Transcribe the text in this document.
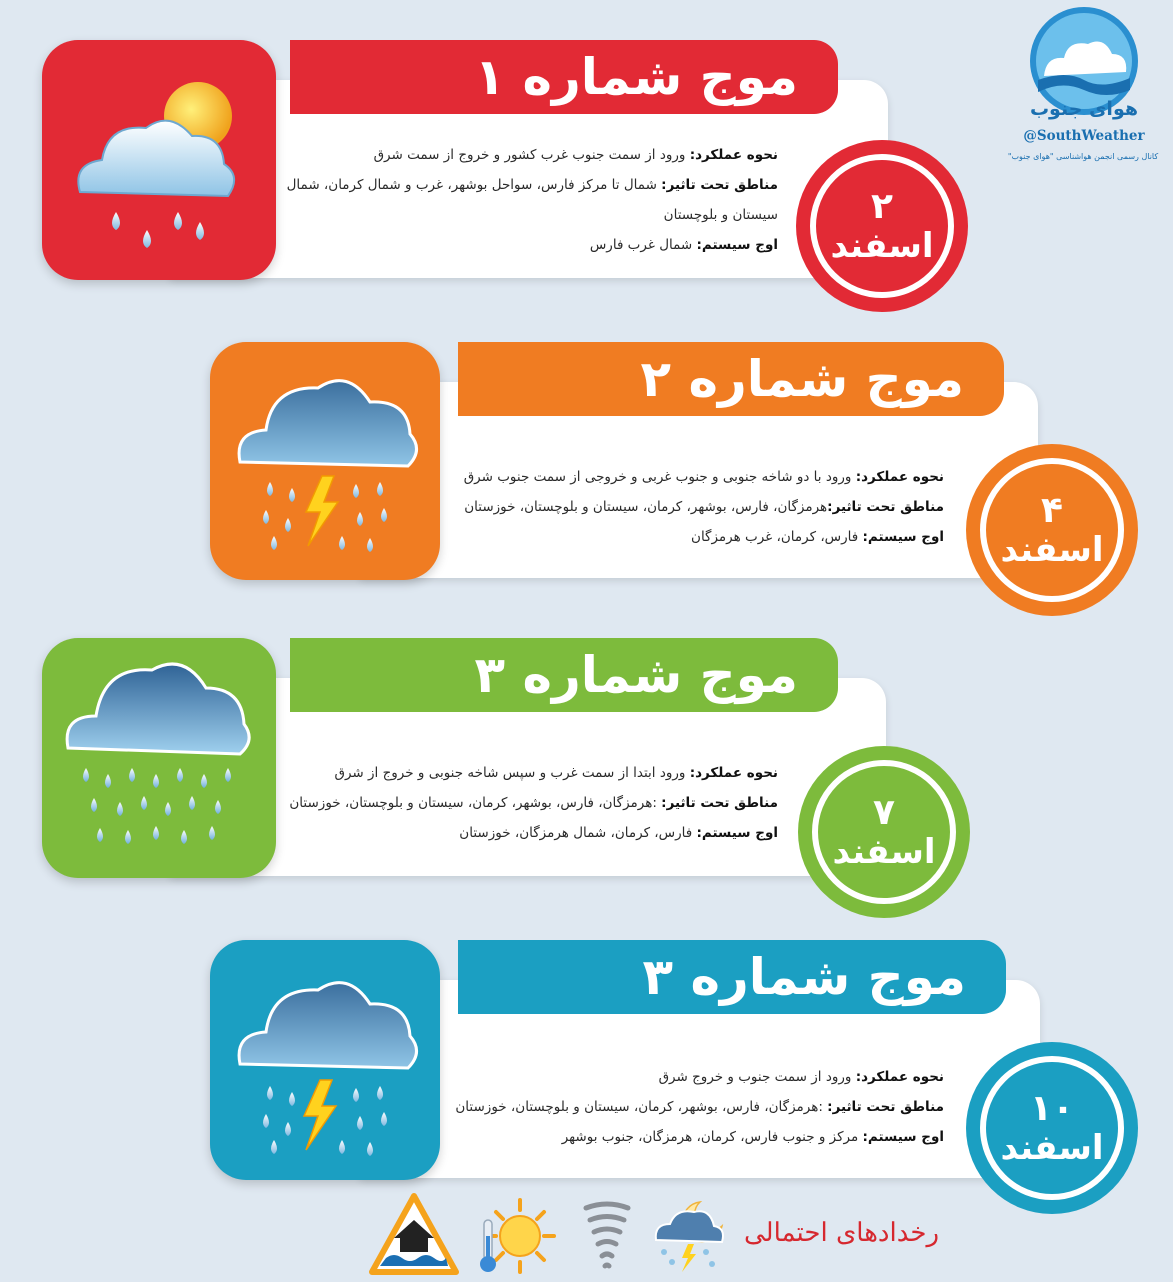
هوای جنوب
@SouthWeather
کانال رسمی انجمن هواشناسی "هوای جنوب"
موج شماره ۱
نحوه عملکرد: ورود از سمت جنوب غرب کشور و خروج از سمت شرق
مناطق تحت تاثیر: شمال تا مرکز فارس، سواحل بوشهر، غرب و شمال کرمان، شمال
سیستان و بلوچستان
اوج سیستم: شمال غرب فارس
۲
اسفند
موج شماره ۲
نحوه عملکرد: ورود با دو شاخه جنوبی و جنوب غربی و خروجی از سمت جنوب شرق
مناطق تحت تاثیر:هرمزگان، فارس، بوشهر، کرمان، سیستان و بلوچستان، خوزستان
اوج سیستم: فارس، کرمان، غرب هرمزگان
۴
اسفند
موج شماره ۳
نحوه عملکرد: ورود ابتدا از سمت غرب و سپس شاخه جنوبی و خروج از شرق
مناطق تحت تاثیر: :هرمزگان، فارس، بوشهر، کرمان، سیستان و بلوچستان، خوزستان
اوج سیستم: فارس، کرمان، شمال هرمزگان، خوزستان	۷
اسفند
موج شماره ۳
نحوه عملکرد: ورود از سمت جنوب و خروج شرق
مناطق تحت تاثیر: :هرمزگان، فارس، بوشهر، کرمان، سیستان و بلوچستان، خوزستان
اوج سیستم: مرکز و جنوب فارس، کرمان، هرمزگان، جنوب بوشهر
۱۰
اسفند
رخدادهای احتمالی
